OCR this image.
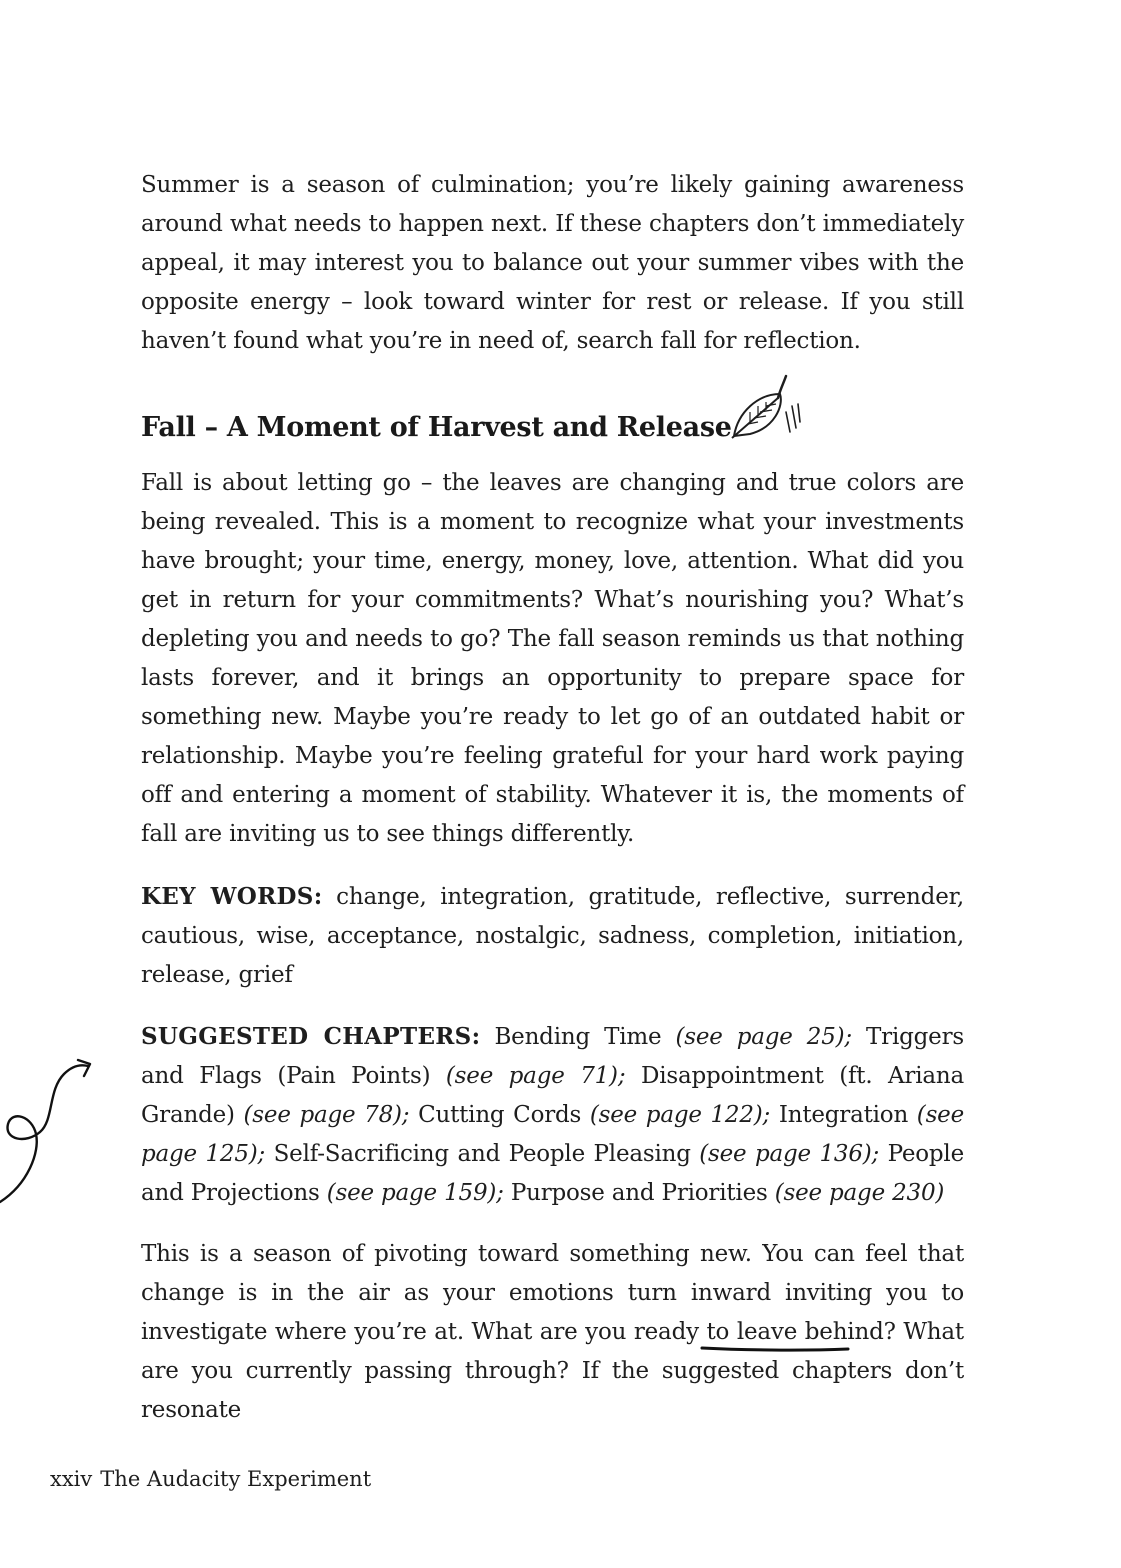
Summer is a season of culmination; you’re likely gaining awareness around what needs to happen next. If these chapters don’t immediately appeal, it may interest you to balance out your summer vibes with the opposite energy – look toward winter for rest or release. If you still haven’t found what you’re in need of, search fall for reflection.

Fall – A Moment of Harvest and Release

Fall is about letting go – the leaves are changing and true colors are being revealed. This is a moment to recognize what your investments have brought; your time, energy, money, love, attention. What did you get in return for your commitments? What’s nourishing you? What’s depleting you and needs to go? The fall season reminds us that nothing lasts forever, and it brings an opportunity to prepare space for something new. Maybe you’re ready to let go of an outdated habit or relationship. Maybe you’re feeling grateful for your hard work paying off and entering a moment of stability. Whatever it is, the moments of fall are inviting us to see things differently.

KEY WORDS: change, integration, gratitude, reflective, surrender, cautious, wise, acceptance, nostalgic, sadness, completion, initiation, release, grief

SUGGESTED CHAPTERS: Bending Time (see page 25); Triggers and Flags (Pain Points) (see page 71); Disappointment (ft. Ariana Grande) (see page 78); Cutting Cords (see page 122); Integration (see page 125); Self-Sacrificing and People Pleasing (see page 136); People and Projections (see page 159); Purpose and Priorities (see page 230)

This is a season of pivoting toward something new. You can feel that change is in the air as your emotions turn inward inviting you to investigate where you’re at. What are you ready to leave behind? What are you currently passing through? If the suggested chapters don’t resonate

xxiv The Audacity Experiment
